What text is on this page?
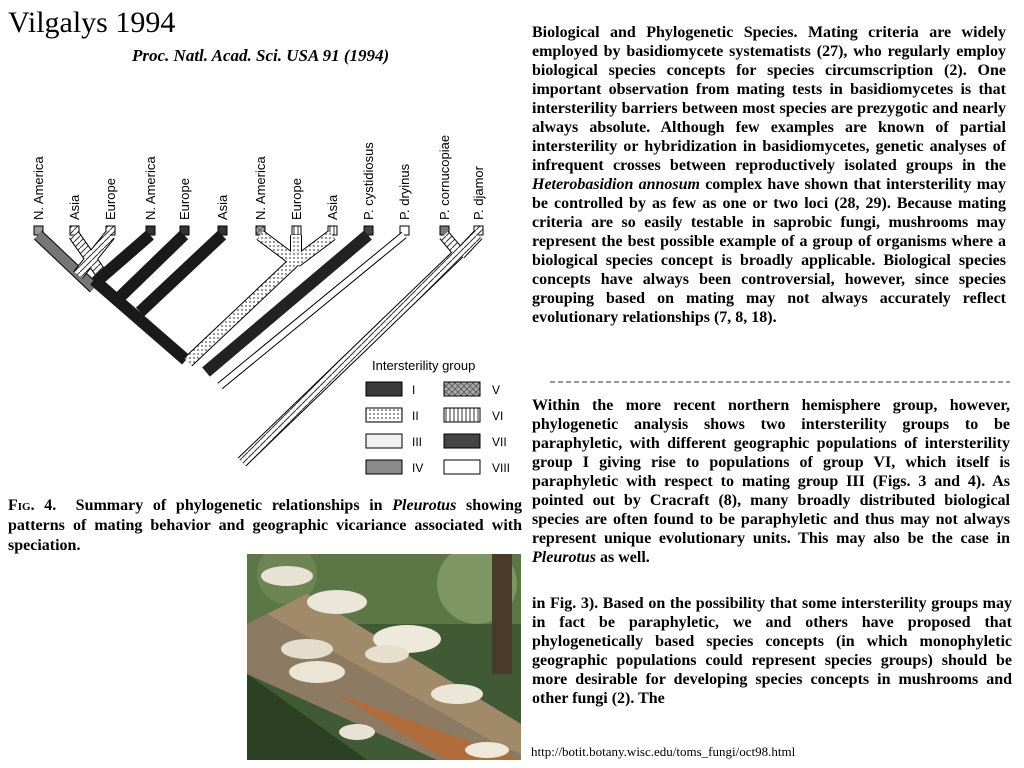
Vilgalys 1994
Proc. Natl. Acad. Sci. USA 91 (1994)
N. America Asia Europe N. America Europe Asia N. America Europe Asia P. cystidiosus P. dryinus P. cornucopiae P. djamor
Intersterility group
I
II
III
IV
V
VI
VII
VIII
Fig. 4. Summary of phylogenetic relationships in Pleurotus showing patterns of mating behavior and geographic vicariance associated with speciation.
Biological and Phylogenetic Species. Mating criteria are widely employed by basidiomycete systematists (27), who regularly employ biological species concepts for species circumscription (2). One important observation from mating tests in basidiomycetes is that intersterility barriers between most species are prezygotic and nearly always absolute. Although few examples are known of partial intersterility or hybridization in basidiomycetes, genetic analyses of infrequent crosses between reproductively isolated groups in the Heterobasidion annosum complex have shown that intersterility may be controlled by as few as one or two loci (28, 29). Because mating criteria are so easily testable in saprobic fungi, mushrooms may represent the best possible example of a group of organisms where a biological species concept is broadly applicable. Biological species concepts have always been controversial, however, since species grouping based on mating may not always accurately reflect evolutionary relationships (7, 8, 18).
Within the more recent northern hemisphere group, however, phylogenetic analysis shows two intersterility groups to be paraphyletic, with different geographic populations of intersterility group I giving rise to populations of group VI, which itself is paraphyletic with respect to mating group III (Figs. 3 and 4). As pointed out by Cracraft (8), many broadly distributed biological species are often found to be paraphyletic and thus may not always represent unique evolutionary units. This may also be the case in Pleurotus as well.
in Fig. 3). Based on the possibility that some intersterility groups may in fact be paraphyletic, we and others have proposed that phylogenetically based species concepts (in which monophyletic geographic populations could represent species groups) should be more desirable for developing species concepts in mushrooms and other fungi (2). The
http://botit.botany.wisc.edu/toms_fungi/oct98.html
